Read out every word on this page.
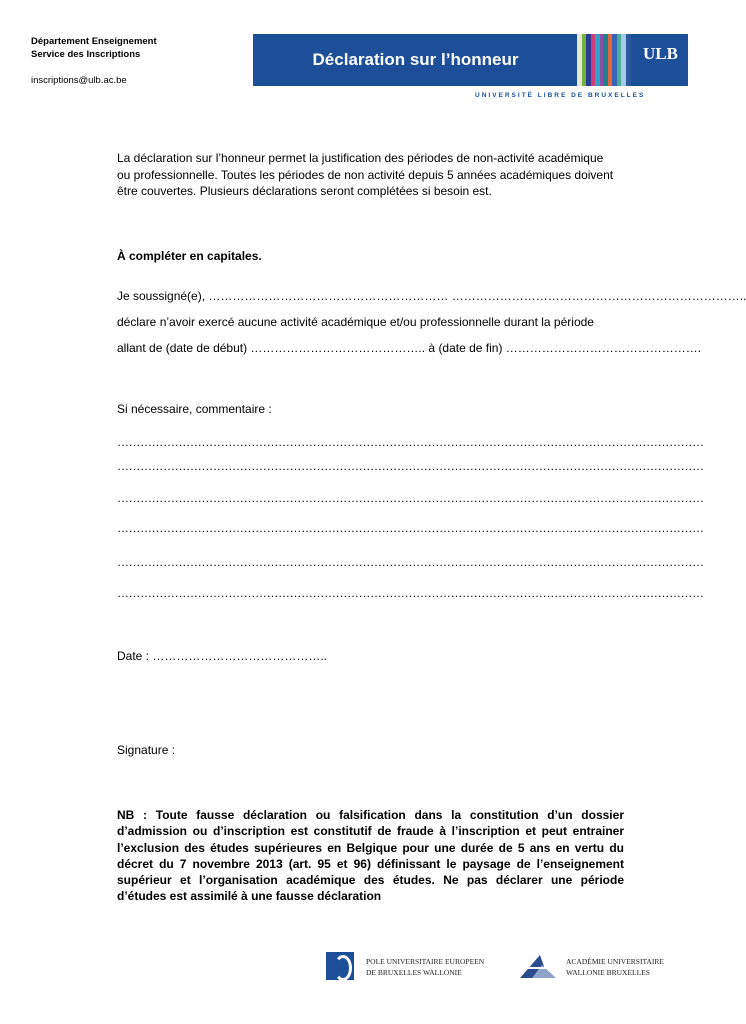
Département Enseignement
Service des Inscriptions
inscriptions@ulb.ac.be
Déclaration sur l’honneur	ULB
UNIVERSITÉ LIBRE DE BRUXELLES
La déclaration sur l’honneur permet la justification des périodes de non-activité académique
ou professionnelle. Toutes les périodes de non activité depuis 5 années académiques doivent
être couvertes. Plusieurs déclarations seront complétées si besoin est.
À compléter en capitales.
Je soussigné(e), …………………………………………………… ………………………………………………………………..
déclare n’avoir exercé aucune activité académique et/ou professionnelle durant la période
allant de (date de début) …………………………………….. à (date de fin) ………………………………………….
Si nécessaire, commentaire :
………………………………………………………………………………………………………………………………………
………………………………………………………………………………………………………………………………………
………………………………………………………………………………………………………………………………………
………………………………………………………………………………………………………………………………………
………………………………………………………………………………………………………………………………………
………………………………………………………………………………………………………………………………………
Date : ……………………………………..
Signature :
NB : Toute fausse déclaration ou falsification dans la constitution d’un dossier d’admission ou d’inscription est constitutif de fraude à l’inscription et peut entrainer l’exclusion des études supérieures en Belgique pour une durée de 5 ans en vertu du décret du 7 novembre 2013 (art. 95 et 96) définissant le paysage de l’enseignement supérieur et l’organisation académique des études. Ne pas déclarer une période d’études est assimilé à une fausse déclaration
POLE UNIVERSITAIRE EUROPEEN
DE BRUXELLES WALLONIE
ACADÉMIE UNIVERSITAIRE
WALLONIE BRUXELLES
